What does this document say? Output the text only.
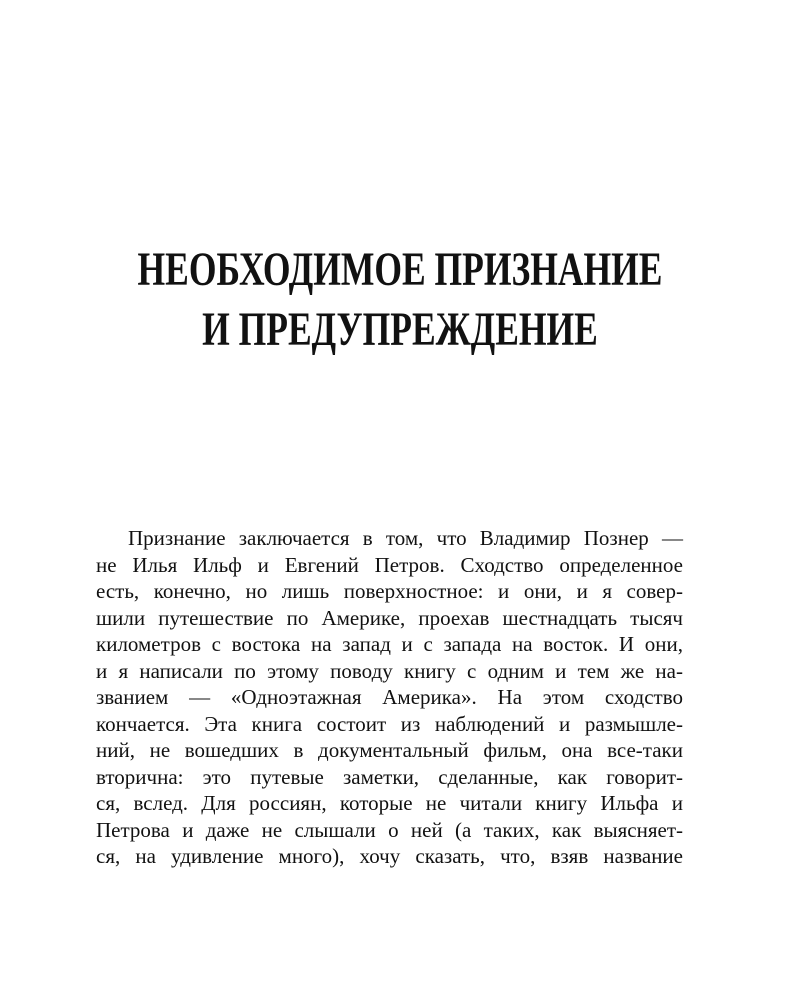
НЕОБХОДИМОЕ ПРИЗНАНИЕ
И ПРЕДУПРЕЖДЕНИЕ
Признание заключается в том, что Владимир Познер —
не Илья Ильф и Евгений Петров. Сходство определенное
есть, конечно, но лишь поверхностное: и они, и я совер-
шили путешествие по Америке, проехав шестнадцать тысяч
километров с востока на запад и с запада на восток. И они,
и я написали по этому поводу книгу с одним и тем же на-
званием — «Одноэтажная Америка». На этом сходство
кончается. Эта книга состоит из наблюдений и размышле-
ний, не вошедших в документальный фильм, она все-таки
вторична: это путевые заметки, сделанные, как говорит-
ся, вслед. Для россиян, которые не читали книгу Ильфа и
Петрова и даже не слышали о ней (а таких, как выясняет-
ся, на удивление много), хочу сказать, что, взяв название
